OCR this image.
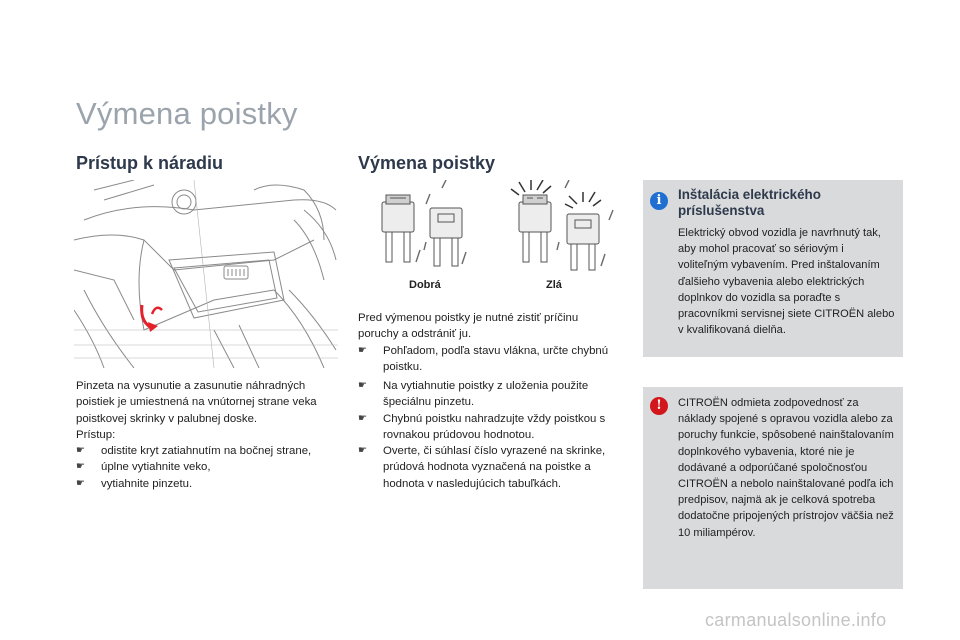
Výmena poistky
Prístup k náradiu	Výmena poistky

Pinzeta na vysunutie a zasunutie náhradných poistiek je umiestnená na vnútornej strane veka poistkovej skrinky v palubnej doske.

Prístup:

☛ odistite kryt zatiahnutím na bočnej strane,
☛ úplne vytiahnite veko,
☛ vytiahnite pinzetu.
Dobrá	Zlá

Pred výmenou poistky je nutné zistiť príčinu poruchy a odstrániť ju.

☛ Pohľadom, podľa stavu vlákna, určte chybnú poistku.
☛ Na vytiahnutie poistky z uloženia použite špeciálnu pinzetu.
☛ Chybnú poistku nahradzujte vždy poistkou s rovnakou prúdovou hodnotou.
☛ Overte, či súhlasí číslo vyrazené na skrinke, prúdová hodnota vyznačená na poistke a hodnota v nasledujúcich tabuľkách.
i	Inštalácia elektrického príslušenstva
Elektrický obvod vozidla je navrhnutý tak, aby mohol pracovať so sériovým i voliteľným vybavením. Pred inštalovaním ďalšieho vybavenia alebo elektrických doplnkov do vozidla sa poraďte s pracovníkmi servisnej siete CITROËN alebo v kvalifikovaná dielňa.
!	CITROËN odmieta zodpovednosť za náklady spojené s opravou vozidla alebo za poruchy funkcie, spôsobené nainštalovaním doplnkového vybavenia, ktoré nie je dodávané a odporúčané spoločnosťou CITROËN a nebolo nainštalované podľa ich predpisov, najmä ak je celková spotreba dodatočne pripojených prístrojov väčšia než 10 miliampérov.
carmanualsonline.info
